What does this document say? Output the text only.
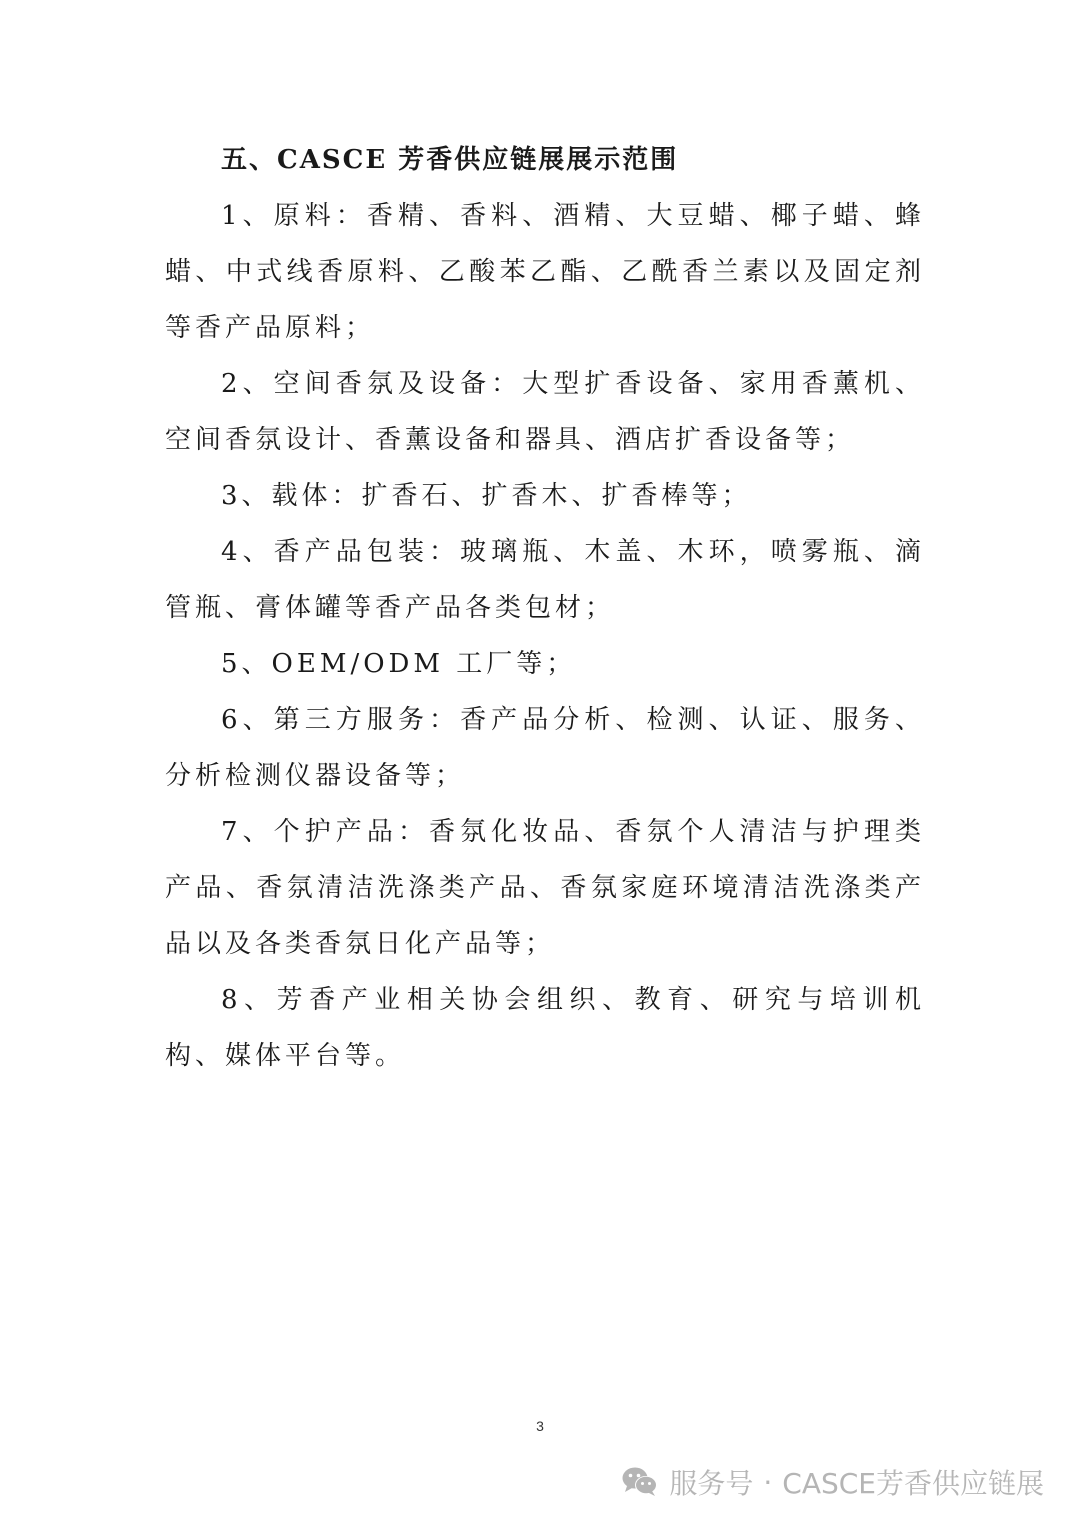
五、CASCE 芳香供应链展展示范围

1、原料：香精、香料、酒精、大豆蜡、椰子蜡、蜂蜡、中式线香原料、乙酸苯乙酯、乙酰香兰素以及固定剂等香产品原料；

2、空间香氛及设备：大型扩香设备、家用香薰机、空间香氛设计、香薰设备和器具、酒店扩香设备等；

3、载体：扩香石、扩香木、扩香棒等；

4、香产品包装：玻璃瓶、木盖、木环，喷雾瓶、滴管瓶、膏体罐等香产品各类包材；

5、OEM/ODM 工厂等；

6、第三方服务：香产品分析、检测、认证、服务、分析检测仪器设备等；

7、个护产品：香氛化妆品、香氛个人清洁与护理类产品、香氛清洁洗涤类产品、香氛家庭环境清洁洗涤类产品以及各类香氛日化产品等；

8、芳香产业相关协会组织、教育、研究与培训机构、媒体平台等。

3
服务号 · CASCE芳香供应链展
